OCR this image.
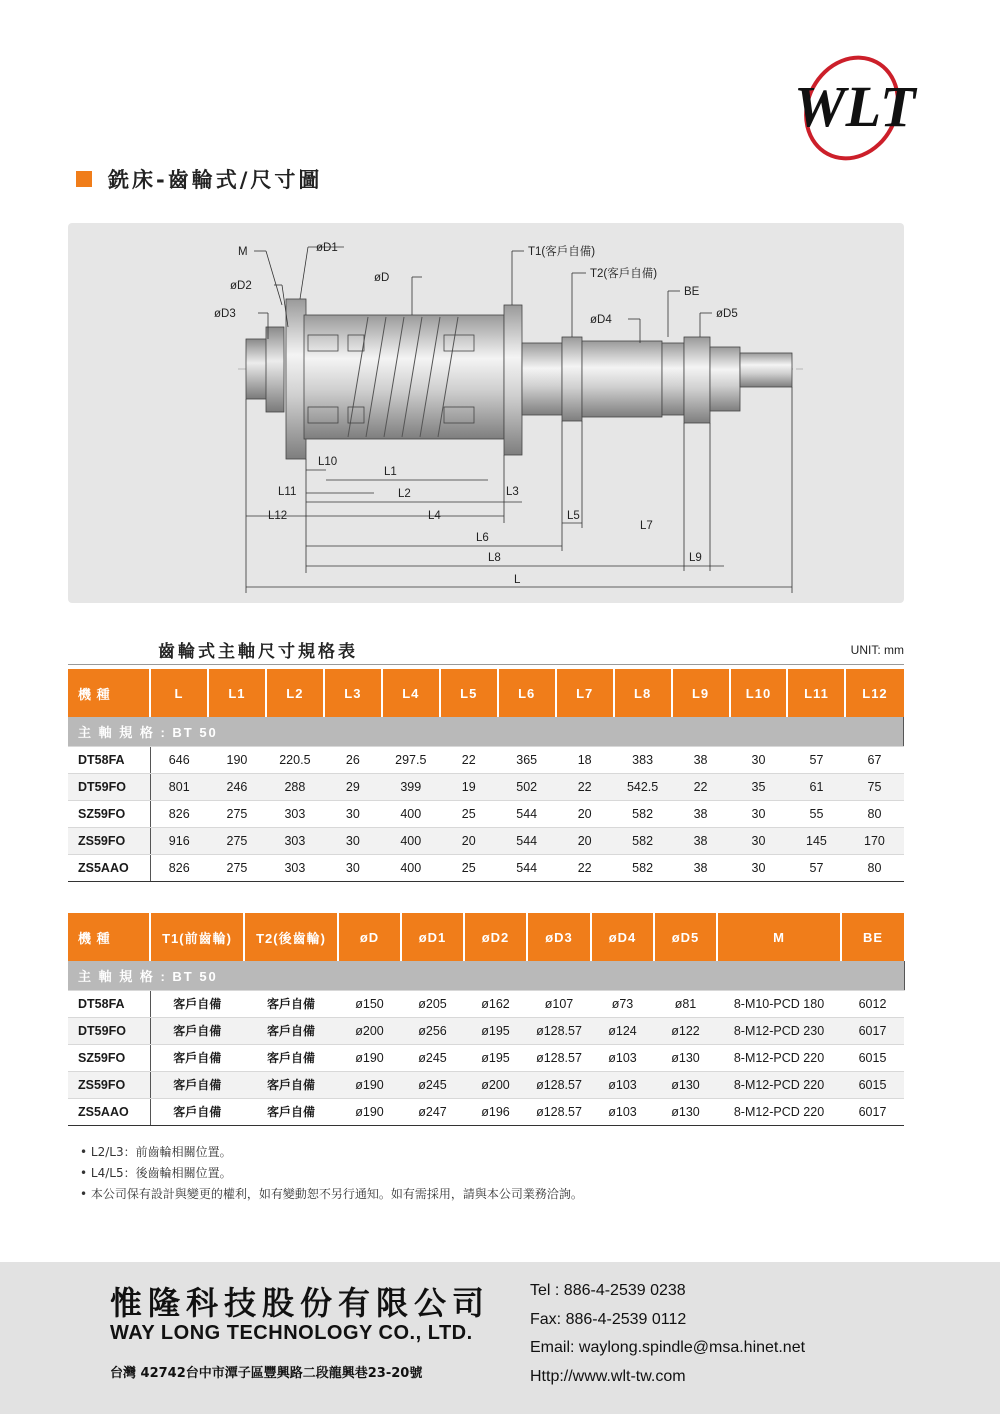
WLT
銑床-齒輪式/尺寸圖
M	øD1
øD2
øD3
øD
T1(客戶自備)
T2(客戶自備)
øD4
BE
øD5
L10
L1
L11	L2	L3
L12	L4	L5
L7
L6
L8	L9
L
齒輪式主軸尺寸規格表	UNIT: mm
機 種	L	L1	L2	L3	L4	L5	L6	L7	L8	L9	L10	L11	L12
主 軸 規 格 : BT 50													
DT58FA	646	190	220.5	26	297.5	22	365	18	383	38	30	57	67
DT59FO	801	246	288	29	399	19	502	22	542.5	22	35	61	75
SZ59FO	826	275	303	30	400	25	544	20	582	38	30	55	80
ZS59FO	916	275	303	30	400	20	544	20	582	38	30	145	170
ZS5AAO	826	275	303	30	400	25	544	22	582	38	30	57	80
機 種	T1(前齒輪)	T2(後齒輪)	øD	øD1	øD2	øD3	øD4	øD5	M	BE
主 軸 規 格 : BT 50										
DT58FA	客戶自備	客戶自備	ø150	ø205	ø162	ø107	ø73	ø81	8-M10-PCD 180	6012
DT59FO	客戶自備	客戶自備	ø200	ø256	ø195	ø128.57	ø124	ø122	8-M12-PCD 230	6017
SZ59FO	客戶自備	客戶自備	ø190	ø245	ø195	ø128.57	ø103	ø130	8-M12-PCD 220	6015
ZS59FO	客戶自備	客戶自備	ø190	ø245	ø200	ø128.57	ø103	ø130	8-M12-PCD 220	6015
ZS5AAO	客戶自備	客戶自備	ø190	ø247	ø196	ø128.57	ø103	ø130	8-M12-PCD 220	6017
• L2/L3：前齒輪相關位置。
• L4/L5：後齒輪相關位置。
• 本公司保有設計與變更的權利，如有變動恕不另行通知。如有需採用，請與本公司業務洽詢。
惟隆科技股份有限公司
WAY LONG TECHNOLOGY CO., LTD.
台灣 42742台中市潭子區豐興路二段龍興巷23-20號
Tel : 886-4-2539 0238
Fax: 886-4-2539 0112
Email: waylong.spindle@msa.hinet.net
Http://www.wlt-tw.com
